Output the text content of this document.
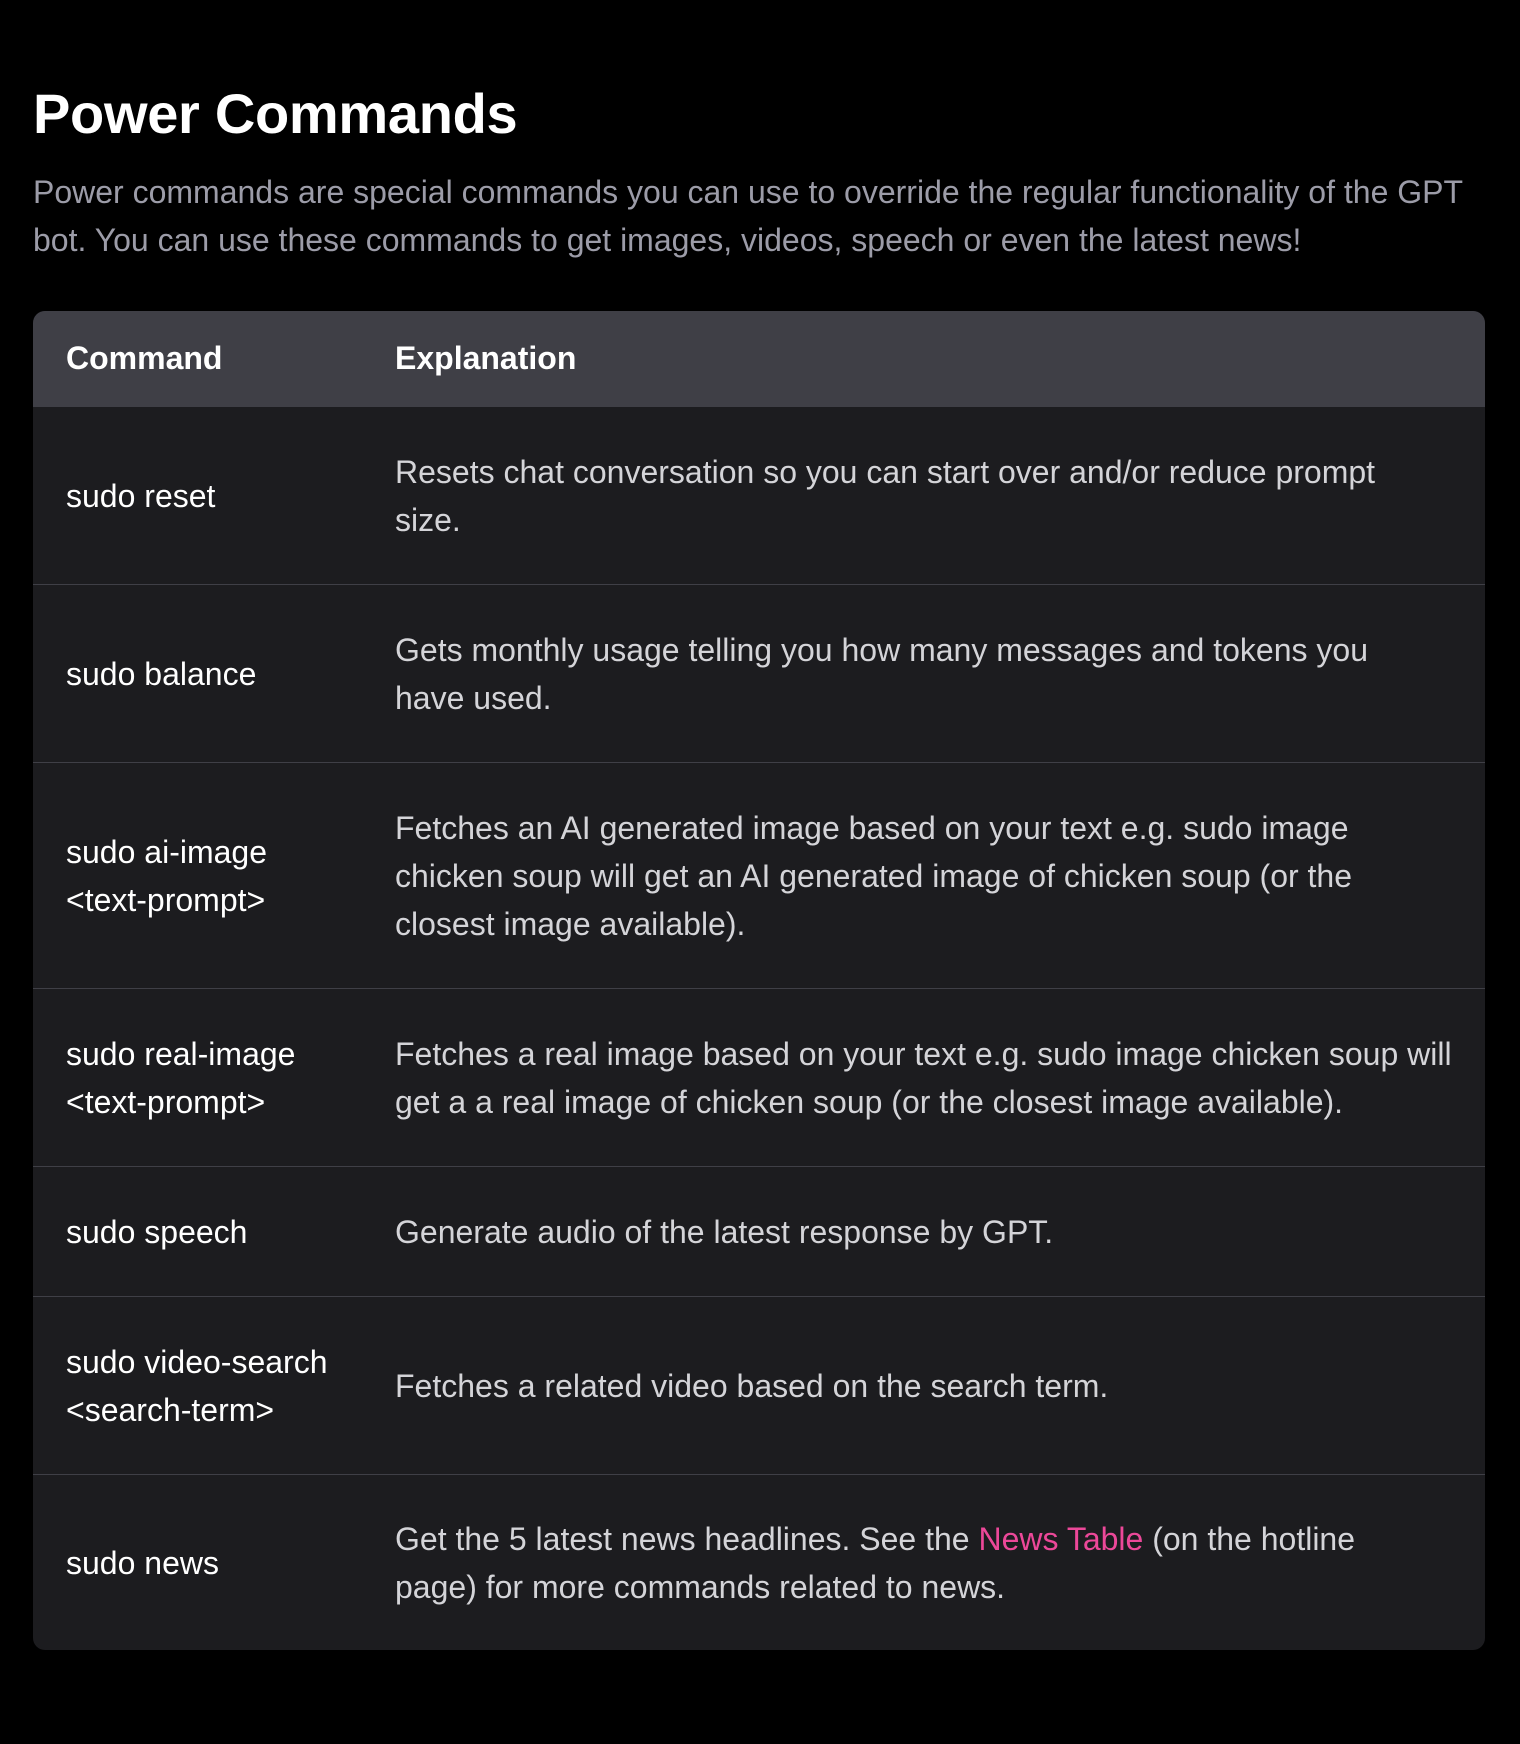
Power Commands

Power commands are special commands you can use to override the regular functionality of the GPT bot. You can use these commands to get images, videos, speech or even the latest news!

Command	Explanation
sudo reset
Resets chat conversation so you can start over and/or reduce prompt size.
sudo balance
Gets monthly usage telling you how many messages and tokens you have used.
sudo ai-image <text-prompt>
Fetches an AI generated image based on your text e.g. sudo image chicken soup will get an AI generated image of chicken soup (or the closest image available).
sudo real-image <text-prompt>
Fetches a real image based on your text e.g. sudo image chicken soup will get a a real image of chicken soup (or the closest image available).
sudo speech	Generate audio of the latest response by GPT.
sudo video-search <search-term>
Fetches a related video based on the search term.
sudo news
Get the 5 latest news headlines. See the News Table (on the hotline page) for more commands related to news.
